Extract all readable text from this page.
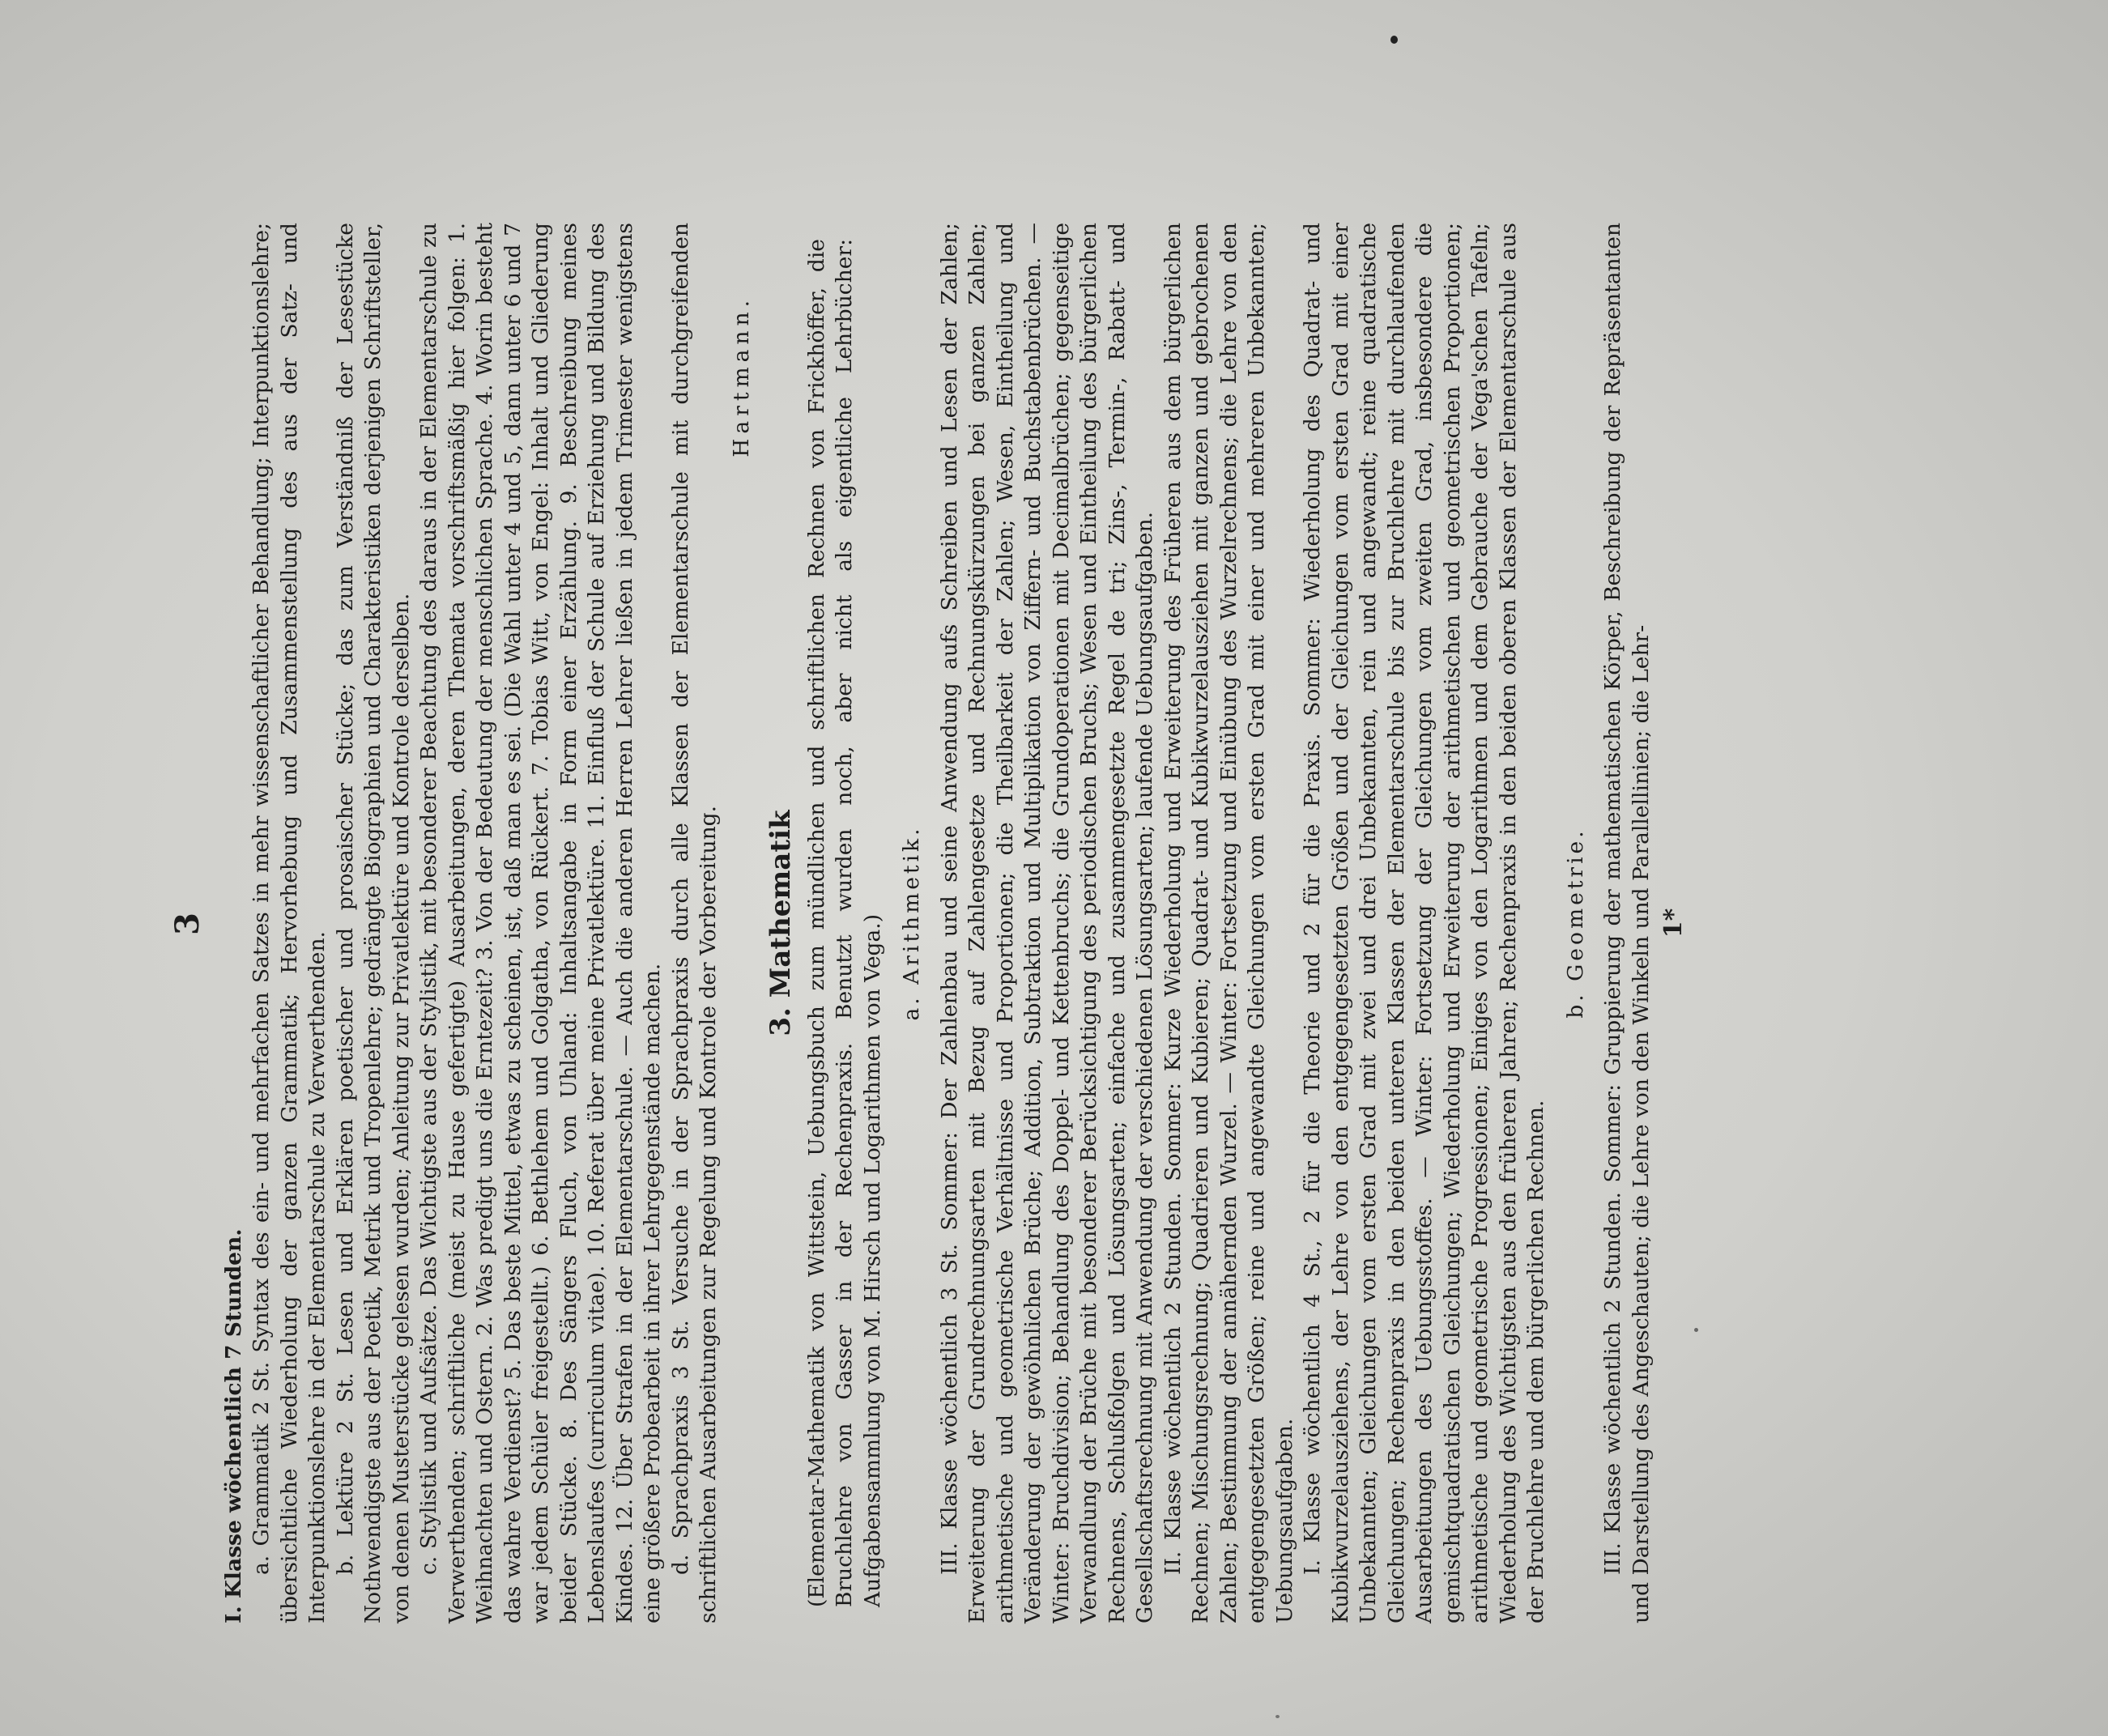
3

I. Klasse wöchentlich 7 Stunden. a. Grammatik 2 St. Syntax des ein- und mehrfachen Satzes in mehr wissenschaftlicher Behandlung; Interpunktionslehre; übersichtliche Wiederholung der ganzen Grammatik; Hervorhebung und Zusammenstellung des aus der Satz- und Interpunktionslehre in der Elementarschule zu Verwerthenden. b. Lektüre 2 St. Lesen und Erklären poetischer und prosaischer Stücke; das zum Verständniß der Lesestücke Nothwendigste aus der Poetik, Metrik und Tropenlehre; gedrängte Biographien und Charakteristiken derjenigen Schriftsteller, von denen Musterstücke gelesen wurden; Anleitung zur Privatlektüre und Kontrole derselben. c. Stylistik und Aufsätze. Das Wichtigste aus der Stylistik, mit besonderer Beachtung des daraus in der Elementarschule zu Verwerthenden; schriftliche (meist zu Hause gefertigte) Ausarbeitungen, deren Themata vorschriftsmäßig hier folgen: 1. Weihnachten und Ostern. 2. Was predigt uns die Erntezeit? 3. Von der Bedeutung der menschlichen Sprache. 4. Worin besteht das wahre Verdienst? 5. Das beste Mittel, etwas zu scheinen, ist, daß man es sei. (Die Wahl unter 4 und 5, dann unter 6 und 7 war jedem Schüler freigestellt.) 6. Bethlehem und Golgatha, von Rückert. 7. Tobias Witt, von Engel: Inhalt und Gliederung beider Stücke. 8. Des Sängers Fluch, von Uhland: Inhaltsangabe in Form einer Erzählung. 9. Beschreibung meines Lebenslaufes (curriculum vitae). 10. Referat über meine Privatlektüre. 11. Einfluß der Schule auf Erziehung und Bildung des Kindes. 12. Über Strafen in der Elementarschule. — Auch die anderen Herren Lehrer ließen in jedem Trimester wenigstens eine größere Probearbeit in ihrer Lehrgegenstände machen. d. Sprachpraxis 3 St. Versuche in der Sprachpraxis durch alle Klassen der Elementarschule mit durchgreifenden schriftlichen Ausarbeitungen zur Regelung und Kontrole der Vorbereitung.

Hartmann.
3. Mathematik (Elementar-Mathematik von Wittstein, Uebungsbuch zum mündlichen und schriftlichen Rechnen von Frickhöffer, die Bruchlehre von Gasser in der Rechenpraxis. Benutzt wurden noch, aber nicht als eigentliche Lehrbücher: Aufgabensammlung von M. Hirsch und Logarithmen von Vega.) a. Arithmetik. III. Klasse wöchentlich 3 St. Sommer: Der Zahlenbau und seine Anwendung aufs Schreiben und Lesen der Zahlen; Erweiterung der Grundrechnungsarten mit Bezug auf Zahlengesetze und Rechnungskürzungen bei ganzen Zahlen; arithmetische und geometrische Verhältnisse und Proportionen; die Theilbarkeit der Zahlen; Wesen, Eintheilung und Veränderung der gewöhnlichen Brüche; Addition, Subtraktion und Multiplikation von Ziffern- und Buchstabenbrüchen. — Winter: Bruchdivision; Behandlung des Doppel- und Kettenbruchs; die Grundoperationen mit Decimalbrüchen; gegenseitige Verwandlung der Brüche mit besonderer Berücksichtigung des periodischen Bruchs; Wesen und Eintheilung des bürgerlichen Rechnens, Schlußfolgen und Lösungsarten; einfache und zusammengesetzte Regel de tri; Zins-, Termin-, Rabatt- und Gesellschaftsrechnung mit Anwendung der verschiedenen Lösungsarten; laufende Uebungsaufgaben. II. Klasse wöchentlich 2 Stunden. Sommer: Kurze Wiederholung und Erweiterung des Früheren aus dem bürgerlichen Rechnen; Mischungsrechnung; Quadrieren und Kubieren; Quadrat- und Kubikwurzelausziehen mit ganzen und gebrochenen Zahlen; Bestimmung der annähernden Wurzel. — Winter: Fortsetzung und Einübung des Wurzelrechnens; die Lehre von den entgegengesetzten Größen; reine und angewandte Gleichungen vom ersten Grad mit einer und mehreren Unbekannten; Uebungsaufgaben. I. Klasse wöchentlich 4 St., 2 für die Theorie und 2 für die Praxis. Sommer: Wiederholung des Quadrat- und Kubikwurzelausziehens, der Lehre von den entgegengesetzten Größen und der Gleichungen vom ersten Grad mit einer Unbekannten; Gleichungen vom ersten Grad mit zwei und drei Unbekannten, rein und angewandt; reine quadratische Gleichungen; Rechenpraxis in den beiden unteren Klassen der Elementarschule bis zur Bruchlehre mit durchlaufenden Ausarbeitungen des Uebungsstoffes. — Winter: Fortsetzung der Gleichungen vom zweiten Grad, insbesondere die gemischtquadratischen Gleichungen; Wiederholung und Erweiterung der arithmetischen und geometrischen Proportionen; arithmetische und geometrische Progressionen; Einiges von den Logarithmen und dem Gebrauche der Vega'schen Tafeln; Wiederholung des Wichtigsten aus den früheren Jahren; Rechenpraxis in den beiden oberen Klassen der Elementarschule aus der Bruchlehre und dem bürgerlichen Rechnen.

b. Geometrie. III. Klasse wöchentlich 2 Stunden. Sommer: Gruppierung der mathematischen Körper, Beschreibung der Repräsentanten und Darstellung des Angeschauten; die Lehre von den Winkeln und Parallellinien; die Lehr- 1*
